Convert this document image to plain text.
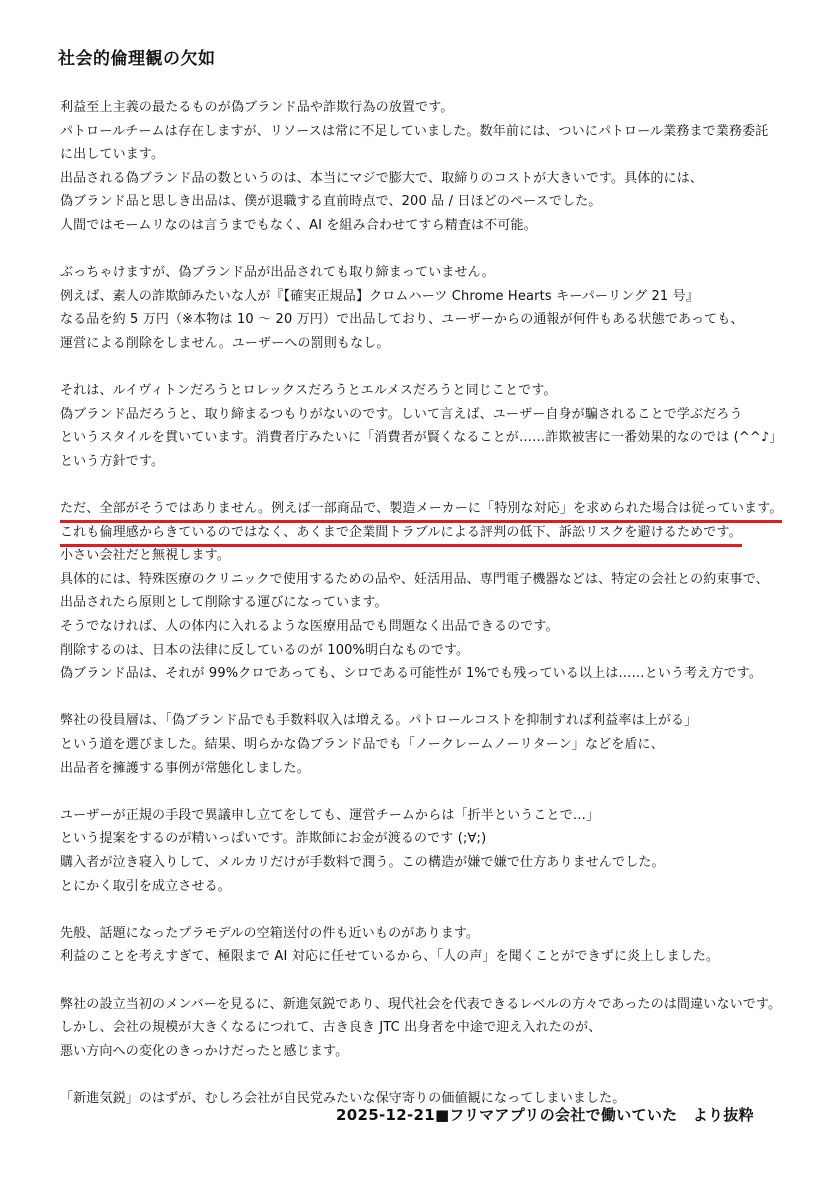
社会的倫理観の欠如
利益至上主義の最たるものが偽ブランド品や詐欺行為の放置です。
パトロールチームは存在しますが、リソースは常に不足していました。数年前には、ついにパトロール業務まで業務委託
に出しています。
出品される偽ブランド品の数というのは、本当にマジで膨大で、取締りのコストが大きいです。具体的には、
偽ブランド品と思しき出品は、僕が退職する直前時点で、200 品 / 日ほどのペースでした。
人間ではモームリなのは言うまでもなく、AI を組み合わせてすら精査は不可能。
ぶっちゃけますが、偽ブランド品が出品されても取り締まっていません。
例えば、素人の詐欺師みたいな人が『【確実正規品】クロムハーツ Chrome Hearts キーパーリング 21 号』
なる品を約 5 万円（※本物は 10 ～ 20 万円）で出品しており、ユーザーからの通報が何件もある状態であっても、
運営による削除をしません。ユーザーへの罰則もなし。
それは、ルイヴィトンだろうとロレックスだろうとエルメスだろうと同じことです。
偽ブランド品だろうと、取り締まるつもりがないのです。しいて言えば、ユーザー自身が騙されることで学ぶだろう
というスタイルを貫いています。消費者庁みたいに「消費者が賢くなることが……詐欺被害に一番効果的なのでは (^^♪」
という方針です。
ただ、全部がそうではありません。例えば一部商品で、製造メーカーに「特別な対応」を求められた場合は従っています。
これも倫理感からきているのではなく、あくまで企業間トラブルによる評判の低下、訴訟リスクを避けるためです。
小さい会社だと無視します。
具体的には、特殊医療のクリニックで使用するための品や、妊活用品、専門電子機器などは、特定の会社との約束事で、
出品されたら原則として削除する運びになっています。
そうでなければ、人の体内に入れるような医療用品でも問題なく出品できるのです。
削除するのは、日本の法律に反しているのが 100%明白なものです。
偽ブランド品は、それが 99%クロであっても、シロである可能性が 1%でも残っている以上は……という考え方です。
弊社の役員層は、「偽ブランド品でも手数料収入は増える。パトロールコストを抑制すれば利益率は上がる」
という道を選びました。結果、明らかな偽ブランド品でも「ノークレームノーリターン」などを盾に、
出品者を擁護する事例が常態化しました。
ユーザーが正規の手段で異議申し立てをしても、運営チームからは「折半ということで…」
という提案をするのが精いっぱいです。詐欺師にお金が渡るのです (;∀;)
購入者が泣き寝入りして、メルカリだけが手数料で潤う。この構造が嫌で嫌で仕方ありませんでした。
とにかく取引を成立させる。
先般、話題になったプラモデルの空箱送付の件も近いものがあります。
利益のことを考えすぎて、極限まで AI 対応に任せているから、「人の声」を聞くことができずに炎上しました。
弊社の設立当初のメンバーを見るに、新進気鋭であり、現代社会を代表できるレベルの方々であったのは間違いないです。
しかし、会社の規模が大きくなるにつれて、古き良き JTC 出身者を中途で迎え入れたのが、
悪い方向への変化のきっかけだったと感じます。
「新進気鋭」のはずが、むしろ会社が自民党みたいな保守寄りの価値観になってしまいました。
2025-12-21■フリマアプリの会社で働いていた　より抜粋
